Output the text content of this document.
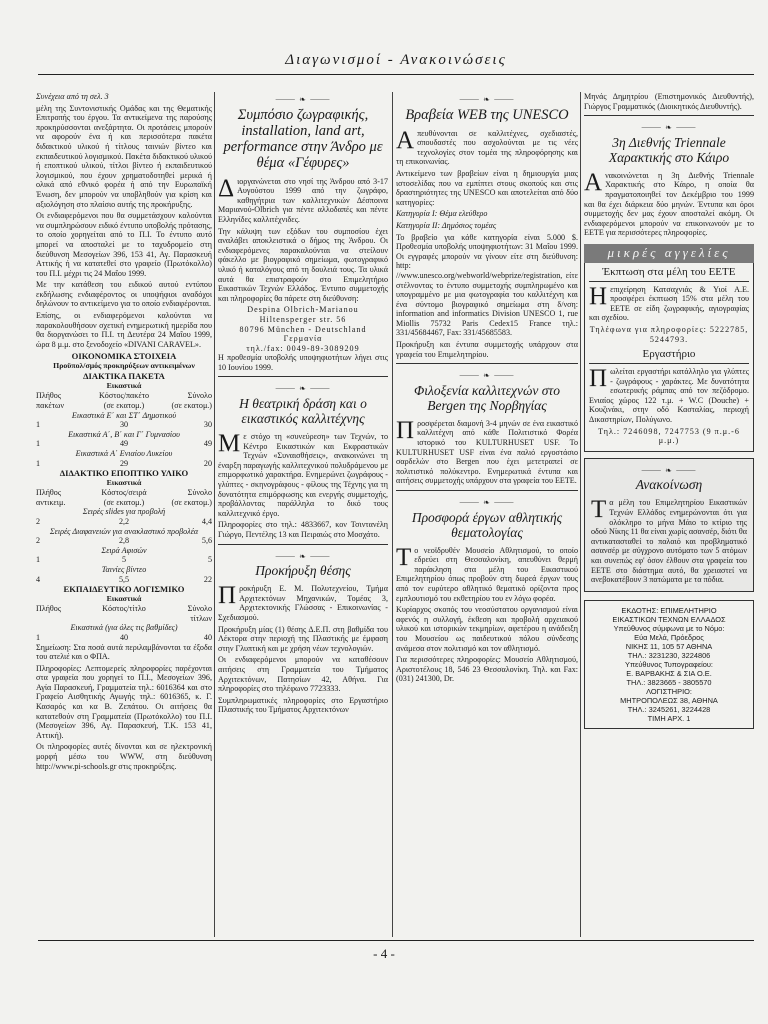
Διαγωνισμοί - Ανακοινώσεις

Συνέχεια από τη σελ. 3

μέλη της Συντονιστικής Ομάδας και της Θεματικής Επιτροπής του έργου. Τα αντικείμενα της παρούσης προκηρύσσονται ανεξάρτητα. Οι προτάσεις μπορούν να αφορούν ένα ή και περισσότερα πακέτα διδακτικού υλικού ή τίτλους ταινιών βίντεο και εκπαιδευτικού λογισμικού. Πακέτα διδακτικού υλικού ή εποπτικού υλικού, τίτλοι βίντεο ή εκπαιδευτικού λογισμικού, που έχουν χρηματοδοτηθεί μερικά ή ολικά από εθνικό φορέα ή από την Ευρωπαϊκή Ένωση, δεν μπορούν να υποβληθούν για κρίση και αξιολόγηση στο πλαίσιο αυτής της προκήρυξης.

Οι ενδιαφερόμενοι που θα συμμετάσχουν καλούνται να συμπληρώσουν ειδικό έντυπο υποβολής πρότασης, το οποίο χορηγείται από το Π.Ι. Το έντυπο αυτό μπορεί να αποσταλεί με το ταχυδρομείο στη διεύθυνση Μεσογείων 396, 153 41, Αγ. Παρασκευή Αττικής ή να κατατεθεί στο γραφείο (Πρωτόκολλο) του Π.Ι. μέχρι τις 24 Μαΐου 1999.

Με την κατάθεση του ειδικού αυτού εντύπου εκδήλωσης ενδιαφέροντος οι υποψήφιοι αναδόχοι δηλώνουν το αντικείμενο για το οποίο ενδιαφέρονται.

Επίσης, οι ενδιαφερόμενοι καλούνται να παρακολουθήσουν σχετική ενημερωτική ημερίδα που θα διοργανώσει το Π.Ι. τη Δευτέρα 24 Μαΐου 1999, ώρα 8 μ.μ. στο ξενοδοχείο «DIVANI CARAVEL».

ΟΙΚΟΝΟΜΙΚΑ ΣΤΟΙΧΕΙΑ
Προϋπολ/σμός προκηρύξεων αντικειμένων
ΔΙΑΚΤΙΚΑ ΠΑΚΕΤΑ
Εικαστικά
Πλήθος	Κόστος/πακέτο	Σύνολο
πακέτων	(σε εκατομ.)	(σε εκατομ.)
Εικαστικά Ε΄ και ΣΤ΄ Δημοτικού
1	30	30
Εικαστικά Α΄, Β΄ και Γ΄ Γυμνασίου
1	49	49
Εικαστικά Α΄ Ενιαίου Λυκείου
1	29	20
ΔΙΔΑΚΤΙΚΟ ΕΠΟΠΤΙΚΟ ΥΛΙΚΟ
Εικαστικά
Πλήθος	Κόστος/σειρά	Σύνολο
αντικειμ.	(σε εκατομ.)	(σε εκατομ.)
Σειρές slides για προβολή
2	2,2	4,4
Σειρές Διαφανειών για ανακλαστικό προβολέα
2	2,8	5,6
Σειρά Αφισών
1	5	5
Ταινίες βίντεο
4	5,5	22
ΕΚΠΑΙΔΕΥΤΙΚΟ ΛΟΓΙΣΜΙΚΟ
Εικαστικά
Πλήθος	Κόστος/τίτλο	Σύνολο
τίτλων
Εικαστικά (για όλες τις βαθμίδες)
1	40	40

Σημείωση: Στα ποσά αυτά περιλαμβάνονται τα έξοδα του ατελιέ και ο ΦΠΑ.

Πληροφορίες: Λεπτομερείς πληροφορίες παρέχονται στα γραφεία που χορηγεί το Π.Ι., Μεσογείων 396, Αγία Παρασκευή, Γραμματεία τηλ.: 6016364 και στο Γραφείο Αισθητικής Αγωγής τηλ.: 6016365, κ. Γ. Κασαρός και κα Β. Ζεπάτου. Οι αιτήσεις θα κατατεθούν στη Γραμματεία (Πρωτόκολλο) του Π.Ι. (Μεσογείων 396, Αγ. Παρασκευή, Τ.Κ. 153 41, Αττική).

Οι πληροφορίες αυτές δίνονται και σε ηλεκτρονική μορφή μέσω του WWW, στη διεύθυνση http://www.pi-schools.gr στις προκηρύξεις.

⸻ ❧ ⸻
Συμπόσιο ζωγραφικής, installation, land art, performance στην Άνδρο με θέμα «Γέφυρες»

Διοργανώνεται στο νησί της Άνδρου από 3-17 Αυγούστου 1999 από την ζωγράφο, καθηγήτρια των καλλιτεχνικών Δέσποινα Μαριανού-Olbrich για πέντε αλλοδαπές και πέντε Ελληνίδες καλλιτέχνιδες.

Την κάλυψη των εξόδων του συμποσίου έχει αναλάβει αποκλειστικά ο δήμος της Άνδρου. Οι ενδιαφερόμενες παρακαλούνται να στείλουν φάκελλο με βιογραφικό σημείωμα, φωτογραφικό υλικό ή καταλόγους από τη δουλειά τους. Τα υλικά αυτά θα επιστραφούν στο Επιμελητήριο Εικαστικών Τεχνών Ελλάδος. Έντυπο συμμετοχής και πληροφορίες θα πάρετε στη διεύθυνση:

Despina Olbrich-Marianou
Hiltensperger str. 56
80796 München - Deutschland
Γερμανία
τηλ./fax: 0049-89-3089209

Η προθεσμία υποβολής υποψηφιοτήτων λήγει στις 10 Ιουνίου 1999.

⸻ ❧ ⸻
Η θεατρική δράση και ο εικαστικός καλλιτέχνης

Με στόχο τη «συνεύρεση» των Τεχνών, το Κέντρο Εικαστικών και Εκφραστικών Τεχνών «Συναισθήσεις», ανακοινώνει τη έναρξη παραγωγής καλλιτεχνικού πολυδράμενου με επιμορφωτικό χαρακτήρα. Ενημερώνει ζωγράφους - γλύπτες - σκηνογράφους - φίλους της Τέχνης για τη δυνατότητα επιμόρφωσης και ενεργής συμμετοχής, προβάλλοντας παράλληλα το δικό τους καλλιτεχνικό έργο.

Πληροφορίες στο τηλ.: 4833667, κον Τσιντανέλη Γιώργο, Πεντέλης 13 και Πειραιώς στο Μοσχάτο.

⸻ ❧ ⸻
Προκήρυξη θέσης

Προκήρυξη Ε. Μ. Πολυτεχνείου, Τμήμα Αρχιτεκτόνων Μηχανικών, Τομέας 3, Αρχιτεκτονικής Γλώσσας - Επικοινωνίας - Σχεδιασμού.

Προκήρυξη μίας (1) θέσης Δ.Ε.Π. στη βαθμίδα του Λέκτορα στην περιοχή της Πλαστικής με έμφαση στην Γλυπτική και με χρήση νέων τεχνολογιών.

Οι ενδιαφερόμενοι μπορούν να καταθέσουν αιτήσεις στη Γραμματεία του Τμήματος Αρχιτεκτόνων, Πατησίων 42, Αθήνα. Για πληροφορίες στο τηλέφωνο 7723333.

Συμπληρωματικές πληροφορίες στο Εργαστήριο Πλαστικής του Τμήματος Αρχιτεκτόνων

⸻ ❧ ⸻
Βραβεία WEB της UNESCO

Απευθύνονται σε καλλιτέχνες, σχεδιαστές, σπουδαστές που ασχολούνται με τις νέες τεχνολογίες στον τομέα της πληροφόρησης και τη επικοινωνίας.

Αντικείμενο των βραβείων είναι η δημιουργία μιας ιστοσελίδας που να εμπίπτει στους σκοπούς και στις δραστηριότητες της UNESCO και αποτελείται από δύο κατηγορίες:

Κατηγορία Ι: Θέμα ελεύθερο

Κατηγορία ΙΙ: Δημόσιος τομέας

Το βραβείο για κάθε κατηγορία είναι 5.000 $. Προθεσμία υποβολής υποψηφιοτήτων: 31 Μαΐου 1999. Οι εγγραφές μπορούν να γίνουν είτε στη διεύθυνση: http: //www.unesco.org/webworld/webprize/registration, είτε στέλνοντας το έντυπο συμμετοχής συμπληρωμένο και υπογραμμένο με μια φωτογραφία του καλλιτέχνη και ένα σύντομο βιογραφικό σημείωμα στη δ/νση: information and informatics Division UNESCO 1, rue Miollis 75732 Paris Cedex15 France τηλ.: 331/45684467, Fax: 331/45685583.

Προκήρυξη και έντυπα συμμετοχής υπάρχουν στα γραφεία του Επιμελητηρίου.

⸻ ❧ ⸻
Φιλοξενία καλλιτεχνών στο Bergen της Νορβηγίας

Προσφέρεται διαμονή 3-4 μηνών σε ένα εικαστικό καλλιτέχνη από κάθε Πολιτιστικό Φορέα ιστορικό του KULTURHUSET USF. To KULTURHUSET USF είναι ένα παλιό εργοστάσιο σαρδελών στο Bergen που έχει μετετραπεί σε πολιτιστικό πολύκεντρο. Ενημερωτικά έντυπα και αιτήσεις συμμετοχής υπάρχουν στα γραφεία του ΕΕΤΕ.

⸻ ❧ ⸻
Προσφορά έργων αθλητικής θεματολογίας

Το νεοϊδρυθέν Μουσείο Αθλητισμού, το οποίο εδρεύει στη Θεσσαλονίκη, απευθύνει θερμή παράκληση στα μέλη του Εικαστικού Επιμελητηρίου όπως προβούν στη δωρεά έργων τους από τον ευρύτερο αθλητικό θεματικό ορίζοντα προς εμπλουτισμό του εκθετηρίου του εν λόγω φορέα.

Κυρίαρχος σκοπός του νεοσύστατου οργανισμού είναι αφενός η συλλογή, έκθεση και προβολή αρχειακού υλικού και ιστορικών τεκμηρίων, αφετέρου η ανάδειξη του Μουσείου ως παιδευτικού πόλου σύνδεσης ανάμεσα στον πολιτισμό και τον αθλητισμό.

Για περισσότερες πληροφορίες: Μουσείο Αθλητισμού, Αριστοτέλους 18, 546 23 Θεσσαλονίκη. Τηλ. και Fax: (031) 241300, Dr.

Μηνάς Δημητρίου (Επιστημονικός Διευθυντής), Γιώργος Γραμματικός (Διοικητικός Διευθυντής).

⸻ ❧ ⸻
3η Διεθνής Triennale Χαρακτικής στο Κάιρο

Ανακοινώνεται η 3η Διεθνής Triennale Χαρακτικής στο Κάιρο, η οποία θα πραγματοποιηθεί τον Δεκέμβριο του 1999 και θα έχει διάρκεια δύο μηνών. Έντυπα και όροι συμμετοχής δεν μας έχουν αποσταλεί ακόμη. Οι ενδιαφερόμενοι μπορούν να επικοινωνούν με το ΕΕΤΕ για περισσότερες πληροφορίες.

μικρές αγγελίες
Έκπτωση στα μέλη του ΕΕΤΕ

Ηεπιχείρηση Κατσαχνιάς & Υιοί Α.Ε. προσφέρει έκπτωση 15% στα μέλη του ΕΕΤΕ σε είδη ζωγραφικής, αγιογραφίας και σχεδίου.

Τηλέφωνα για πληροφορίες: 5222785, 5244793.

Εργαστήριο

Πωλείται εργαστήρι κατάλληλο για γλύπτες - ζωγράφους - χαράκτες. Με δυνατότητα εσωτερικής ράμπας από τον πεζόδρομο. Ενιαίος χώρος 122 τ.μ. + W.C (Douche) + Κουζινάκι, στην οδό Κασταλίας, περιοχή Δικαστηρίων, Πολύγωνο.

Τηλ.: 7246098, 7247753 (9 π.μ.-6 μ.μ.)

⸻ ❧ ⸻
Ανακοίνωση

Τα μέλη του Επιμελητηρίου Εικαστικών Τεχνών Ελλάδος ενημερώνονται ότι για ολόκληρο το μήνα Μάιο το κτίριο της οδού Νίκης 11 θα είναι χωρίς ασανσέρ, διότι θα αντικατασταθεί το παλαιό και προβληματικό ασανσέρ με σύγχρονο αυτόματο των 5 ατόμων και συνεπώς εφ' όσον έλθουν στα γραφεία του ΕΕΤΕ στο διάστημα αυτό, θα χρειαστεί να ανεβοκατέβουν 3 πατώματα με τα πόδια.

ΕΚΔΟΤΗΣ: ΕΠΙΜΕΛΗΤΗΡΙΟ
ΕΙΚΑΣΤΙΚΩΝ ΤΕΧΝΩΝ ΕΛΛΑΔΟΣ
Υπεύθυνος σύμφωνα με το Νόμο:
Εύα Μελά, Πρόεδρος
ΝΙΚΗΣ 11, 105 57 ΑΘΗΝΑ
ΤΗΛ.: 3231230, 3224806
Υπεύθυνος Τυπογραφείου:
Ε. ΒΑΡΒΑΚΗΣ & ΣΙΑ Ο.Ε.
ΤΗΛ.: 3823665 - 3805570
ΛΟΓΙΣΤΗΡΙΟ:
ΜΗΤΡΟΠΟΛΕΩΣ 38, ΑΘΗΝΑ
ΤΗΛ.: 3245261, 3224428
ΤΙΜΗ ΑΡΧ. 1
- 4 -
